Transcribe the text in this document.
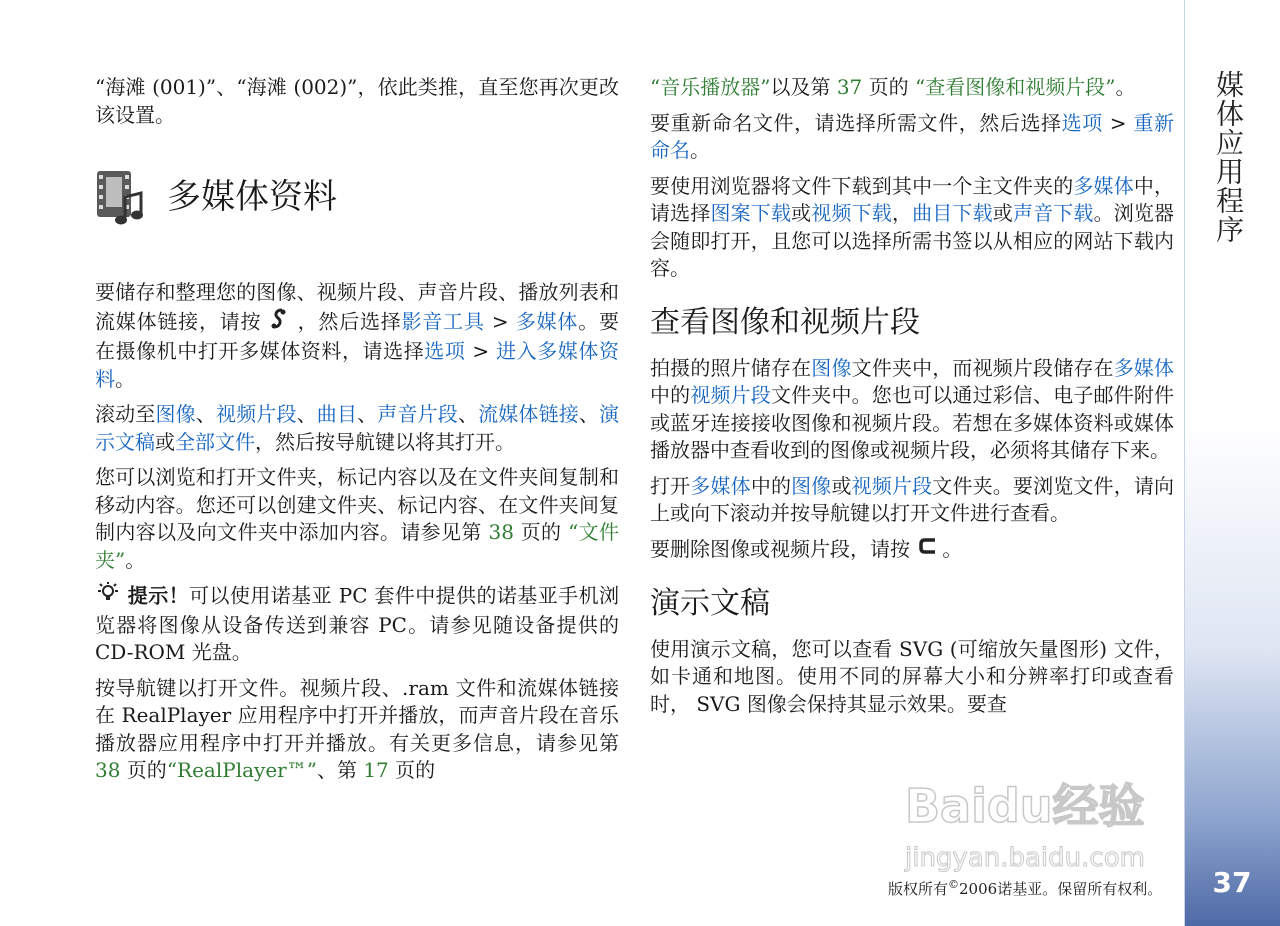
媒体应用程序
37

“海滩 (001)”、“海滩 (002)”，依此类推，直至您再次更改该设置。

多媒体资料

要储存和整理您的图像、视频片段、声音片段、播放列表和流媒体链接，请按  ，然后选择影音工具 > 多媒体。要在摄像机中打开多媒体资料，请选择选项 > 进入多媒体资料。

滚动至图像、视频片段、曲目、声音片段、流媒体链接、演示文稿或全部文件，然后按导航键以将其打开。

您可以浏览和打开文件夹，标记内容以及在文件夹间复制和移动内容。您还可以创建文件夹、标记内容、在文件夹间复制内容以及向文件夹中添加内容。请参见第 38 页的 “文件夹”。

提示！可以使用诺基亚 PC 套件中提供的诺基亚手机浏览器将图像从设备传送到兼容 PC。请参见随设备提供的 CD-ROM 光盘。

按导航键以打开文件。视频片段、.ram 文件和流媒体链接在 RealPlayer 应用程序中打开并播放，而声音片段在音乐播放器应用程序中打开并播放。有关更多信息，请参见第 38 页的“RealPlayer™”、第 17 页的

“音乐播放器”以及第 37 页的 “查看图像和视频片段”。

要重新命名文件，请选择所需文件，然后选择选项 > 重新命名。

要使用浏览器将文件下载到其中一个主文件夹的多媒体中，请选择图案下载或视频下载，曲目下载或声音下载。浏览器会随即打开，且您可以选择所需书签以从相应的网站下载内容。

查看图像和视频片段

拍摄的照片储存在图像文件夹中，而视频片段储存在多媒体中的视频片段文件夹中。您也可以通过彩信、电子邮件附件或蓝牙连接接收图像和视频片段。若想在多媒体资料或媒体播放器中查看收到的图像或视频片段，必须将其储存下来。

打开多媒体中的图像或视频片段文件夹。要浏览文件，请向上或向下滚动并按导航键以打开文件进行查看。

要删除图像或视频片段，请按 。

演示文稿

使用演示文稿，您可以查看 SVG (可缩放矢量图形) 文件，如卡通和地图。使用不同的屏幕大小和分辨率打印或查看时， SVG 图像会保持其显示效果。要查

Baidu经验
jingyan.baidu.com
版权所有©2006诺基亚。保留所有权利。
